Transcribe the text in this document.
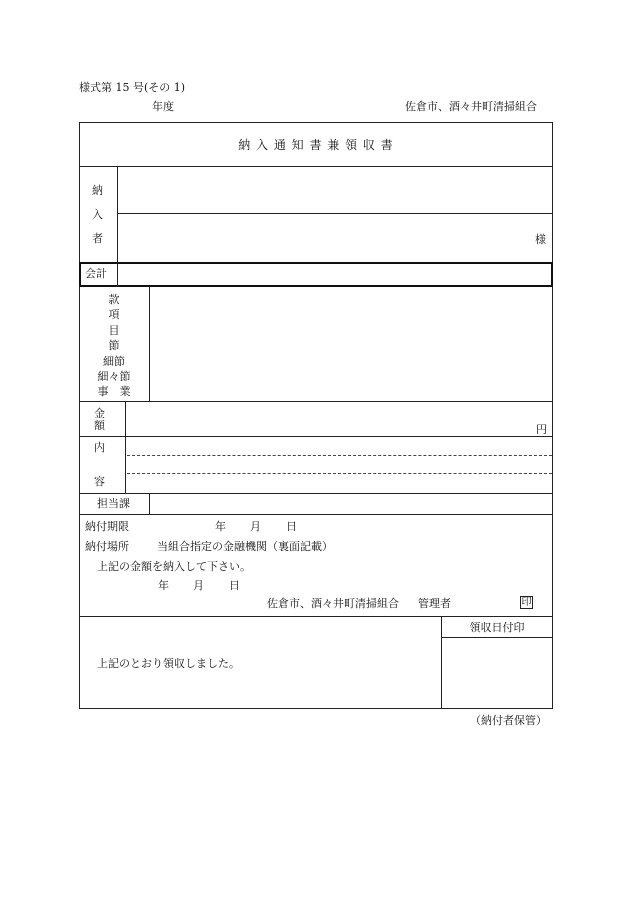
様式第 15 号(その 1)
年度	佐倉市、酒々井町清掃組合
納 入 通 知 書 兼 領 収 書
納
入
者	様
会計
款
項
目
節
細節
細々節
事　業
金
額	円
内
容
担当課
納付期限	年 月 日
納付場所	当組合指定の金融機関（裏面記載）
上記の金額を納入して下さい。
年 月 日
佐倉市、酒々井町清掃組合 管理者	印
領収日付印
上記のとおり領収しました。
（納付者保管）
